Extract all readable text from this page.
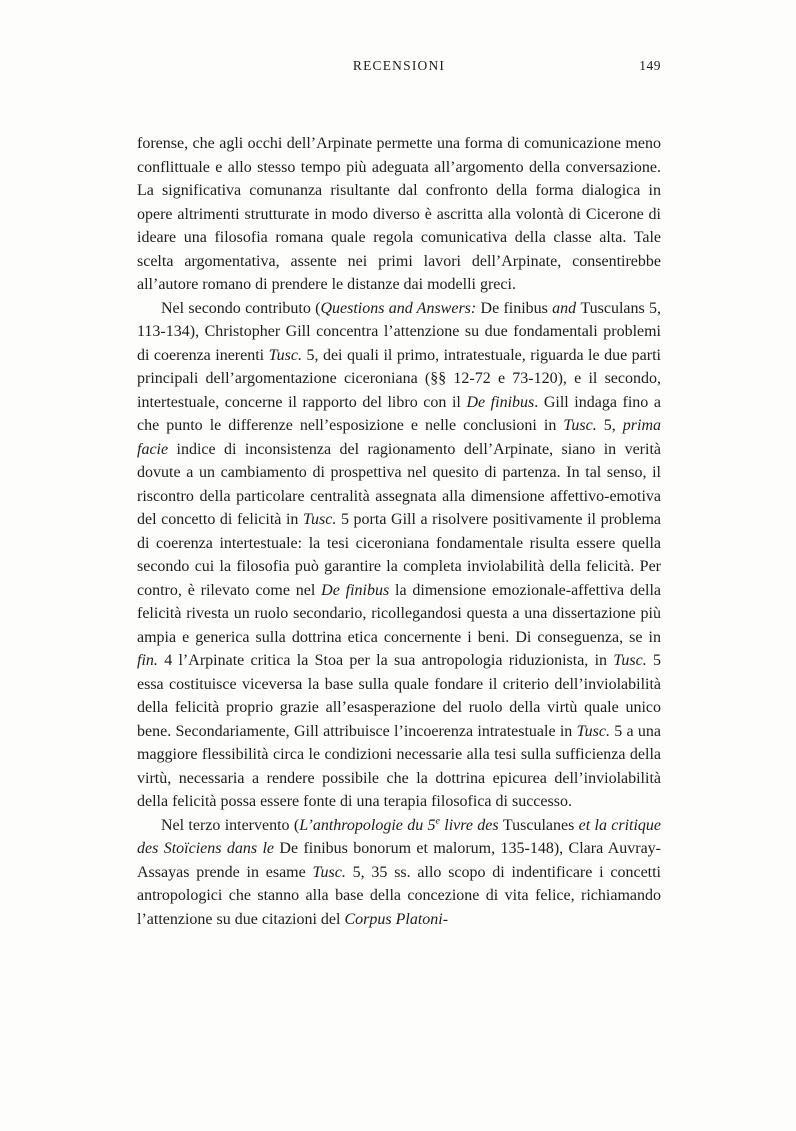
RECENSIONI	149

forense, che agli occhi dell’Arpinate permette una forma di comunicazione meno conflittuale e allo stesso tempo più adeguata all’argomento della conversazione. La significativa comunanza risultante dal confronto della forma dialogica in opere altrimenti strutturate in modo diverso è ascritta alla volontà di Cicerone di ideare una filosofia romana quale regola comunicativa della classe alta. Tale scelta argomentativa, assente nei primi lavori dell’Arpinate, consentirebbe all’autore romano di prendere le distanze dai modelli greci.

Nel secondo contributo (Questions and Answers: De finibus and Tusculans 5, 113-134), Christopher Gill concentra l’attenzione su due fondamentali problemi di coerenza inerenti Tusc. 5, dei quali il primo, intratestuale, riguarda le due parti principali dell’argomentazione ciceroniana (§§ 12-72 e 73-120), e il secondo, intertestuale, concerne il rapporto del libro con il De finibus. Gill indaga fino a che punto le differenze nell’esposizione e nelle conclusioni in Tusc. 5, prima facie indice di inconsistenza del ragionamento dell’Arpinate, siano in verità dovute a un cambiamento di prospettiva nel quesito di partenza. In tal senso, il riscontro della particolare centralità assegnata alla dimensione affettivo-emotiva del concetto di felicità in Tusc. 5 porta Gill a risolvere positivamente il problema di coerenza intertestuale: la tesi ciceroniana fondamentale risulta essere quella secondo cui la filosofia può garantire la completa inviolabilità della felicità. Per contro, è rilevato come nel De finibus la dimensione emozionale-affettiva della felicità rivesta un ruolo secondario, ricollegandosi questa a una dissertazione più ampia e generica sulla dottrina etica concernente i beni. Di conseguenza, se in fin. 4 l’Arpinate critica la Stoa per la sua antropologia riduzionista, in Tusc. 5 essa costituisce viceversa la base sulla quale fondare il criterio dell’inviolabilità della felicità proprio grazie all’esasperazione del ruolo della virtù quale unico bene. Secondariamente, Gill attribuisce l’incoerenza intratestuale in Tusc. 5 a una maggiore flessibilità circa le condizioni necessarie alla tesi sulla sufficienza della virtù, necessaria a rendere possibile che la dottrina epicurea dell’inviolabilità della felicità possa essere fonte di una terapia filosofica di successo.

Nel terzo intervento (L’anthropologie du 5e livre des Tusculanes et la critique des Stoïciens dans le De finibus bonorum et malorum, 135-148), Clara Auvray-Assayas prende in esame Tusc. 5, 35 ss. allo scopo di indentificare i concetti antropologici che stanno alla base della concezione di vita felice, richiamando l’attenzione su due citazioni del Corpus Platoni-
